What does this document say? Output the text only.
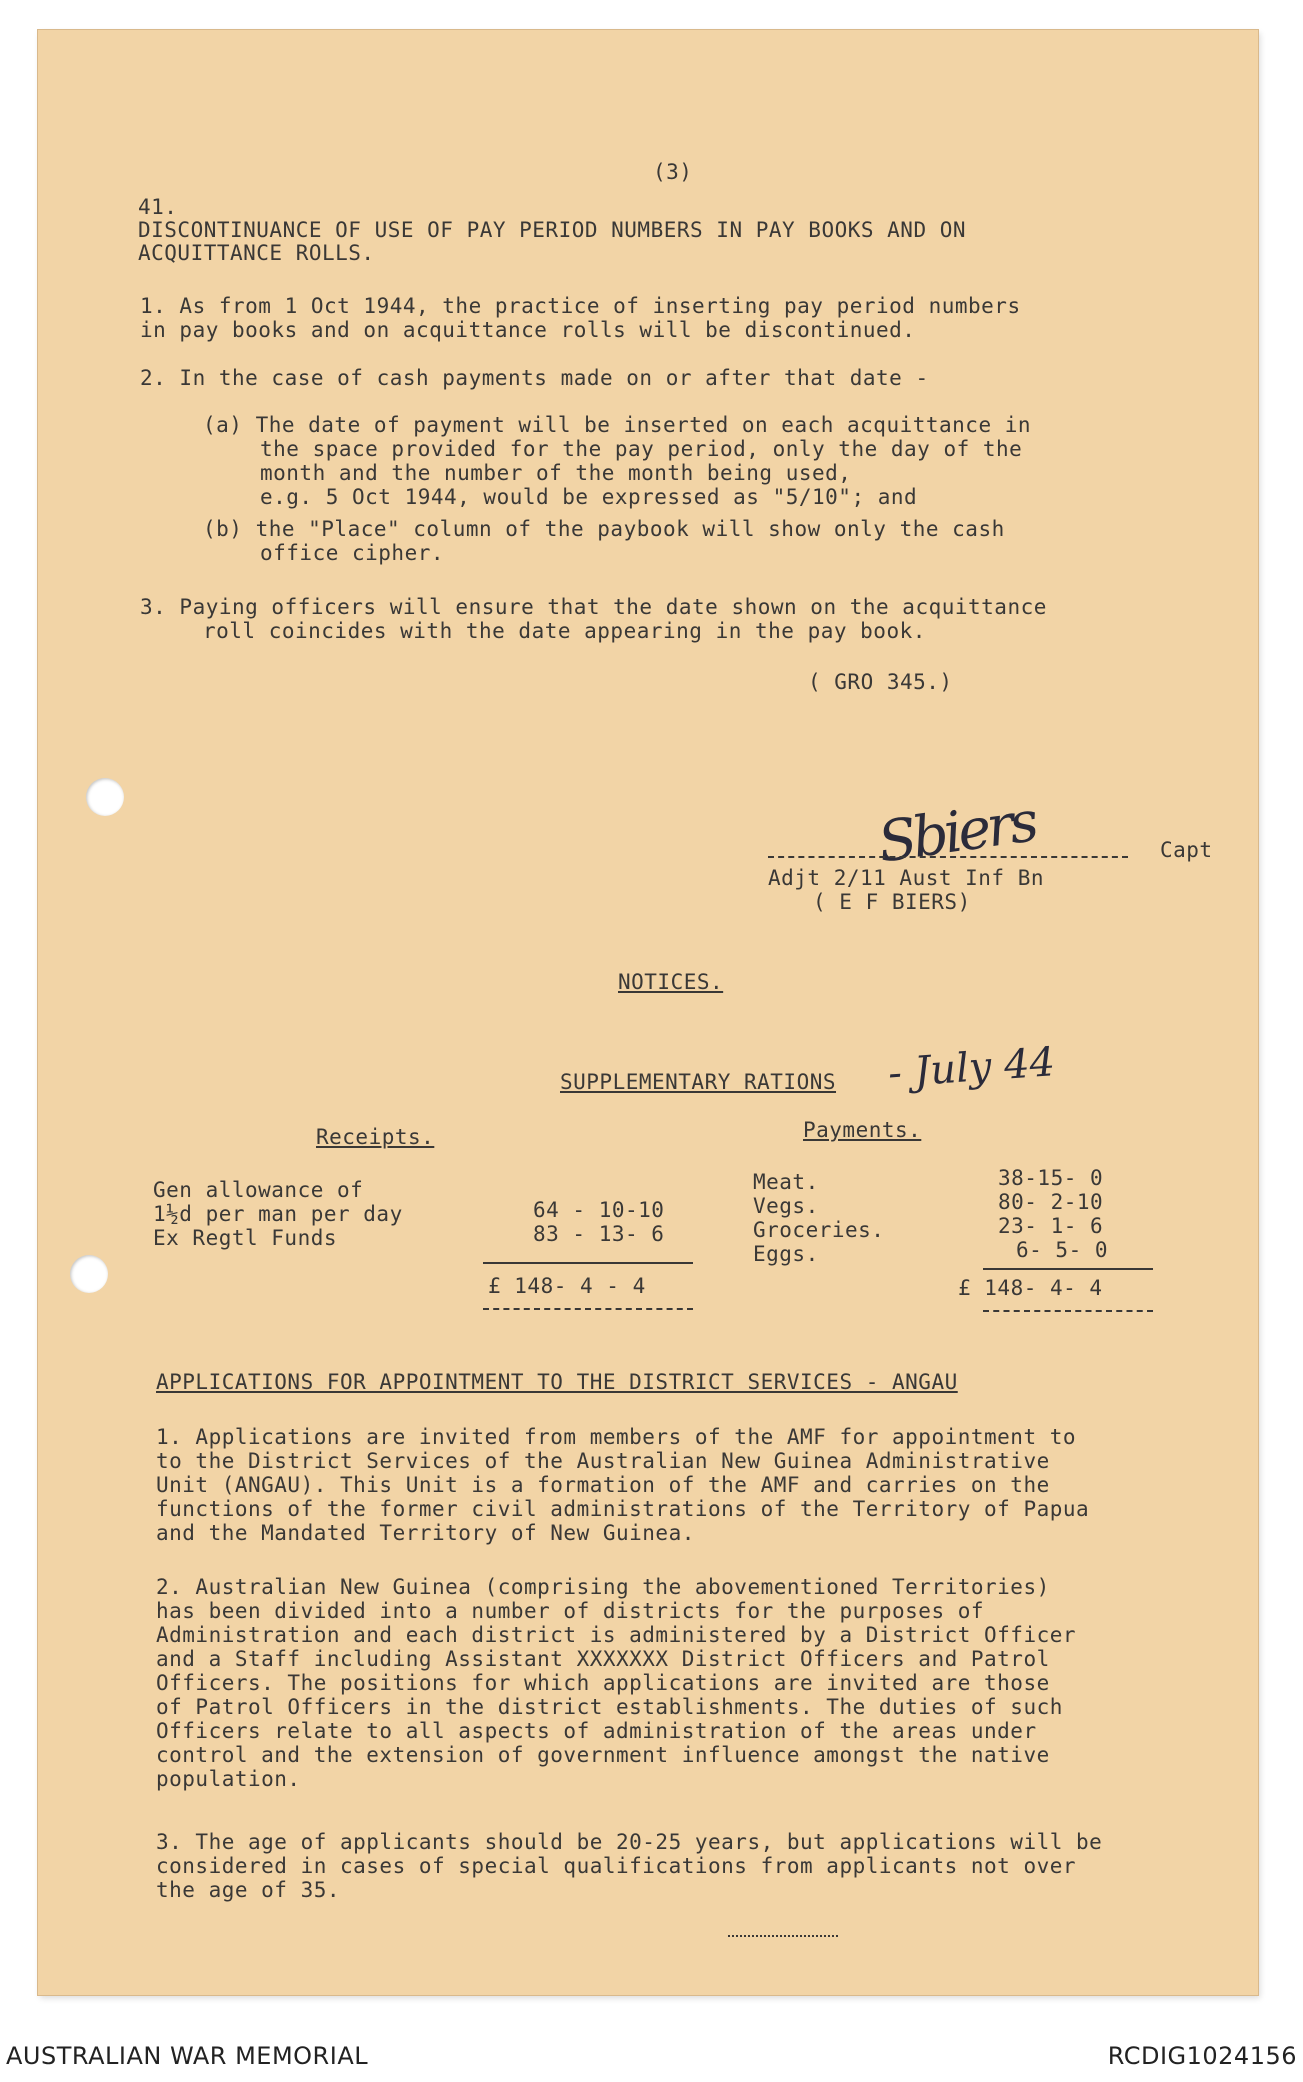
(3)
41.
DISCONTINUANCE OF USE OF PAY PERIOD NUMBERS IN PAY BOOKS AND ON
ACQUITTANCE ROLLS.
1. As from 1 Oct 1944, the practice of inserting pay period numbers
in pay books and on acquittance rolls will be discontinued.
2. In the case of cash payments made on or after that date -
(a) The date of payment will be inserted on each acquittance in
the space provided for the pay period, only the day of the
month and the number of the month being used,
e.g. 5 Oct 1944, would be expressed as "5/10"; and
(b) the "Place" column of the paybook will show only the cash
office cipher.
3. Paying officers will ensure that the date shown on the acquittance
roll coincides with the date appearing in the pay book.
( GRO 345.)
Sbiers	Capt
Adjt 2/11 Aust Inf Bn
( E F BIERS)
NOTICES.
SUPPLEMENTARY RATIONS - July 44
Receipts.	Payments.
Gen allowance of
1½d per man per day	64 - 10-10
Ex Regtl Funds	83 - 13- 6
£ 148- 4 - 4
Meat.	38-15- 0
Vegs.	80- 2-10
Groceries.	23- 1- 6
Eggs.	6- 5- 0
£ 148- 4- 4
APPLICATIONS FOR APPOINTMENT TO THE DISTRICT SERVICES - ANGAU
1. Applications are invited from members of the AMF for appointment to
to the District Services of the Australian New Guinea Administrative
Unit (ANGAU). This Unit is a formation of the AMF and carries on the
functions of the former civil administrations of the Territory of Papua
and the Mandated Territory of New Guinea.
2. Australian New Guinea (comprising the abovementioned Territories)
has been divided into a number of districts for the purposes of
Administration and each district is administered by a District Officer
and a Staff including Assistant XXXXXXX District Officers and Patrol
Officers. The positions for which applications are invited are those
of Patrol Officers in the district establishments. The duties of such
Officers relate to all aspects of administration of the areas under
control and the extension of government influence amongst the native
population.
3. The age of applicants should be 20-25 years, but applications will be
considered in cases of special qualifications from applicants not over
the age of 35.
AUSTRALIAN WAR MEMORIAL	RCDIG1024156
